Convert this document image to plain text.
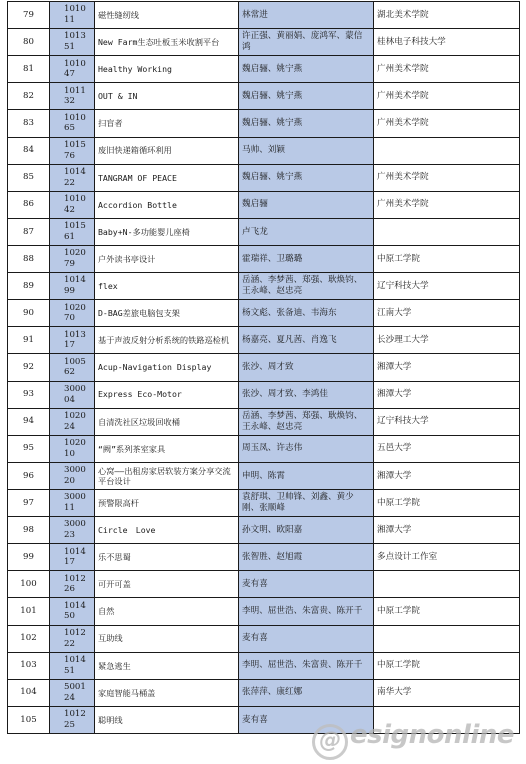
79	101011	磁性缝纫线	林常进	湖北美术学院
80	101351	New Farm生态吐板玉米收割平台	许正强、黄丽娟、庞鸿军、蒙信鸿	桂林电子科技大学
81	101047	Healthy Working	魏启骊、姚宁燕	广州美术学院
82	101132	OUT & IN	魏启骊、姚宁燕	广州美术学院
83	101065	扫盲者	魏启骊、姚宁燕	广州美术学院
84	101576	废旧快递箱循环利用	马帅、刘颖	
85	101422	TANGRAM OF PEACE	魏启骊、姚宁燕	广州美术学院
86	101042	Accordion Bottle	魏启骊	广州美术学院
87	101561	Baby+N-多功能婴儿座椅	卢飞龙	
88	102079	户外读书亭设计	霍瑞祥、卫璐璐	中原工学院
89	101499	flex	岳涵、李梦茜、郑强、耿焕钧、王永峰、赵忠亮	辽宁科技大学
90	102070	D-BAG差旅电脑包支架	杨文彪、张备迪、韦海东	江南大学
91	101317	基于声波反射分析系统的铁路巡检机	杨嘉亮、夏凡茜、肖逸飞	长沙理工大学
92	100562	Acup-Navigation Display	张沙、周才致	湘潭大学
93	300004	Express Eco-Motor	张沙、周才致、李鸿佳	湘潭大学
94	102024	自清洗社区垃圾回收桶	岳涵、李梦茜、郑强、耿焕钧、王永峰、赵忠亮	辽宁科技大学
95	102010	“阙”系列茶室家具	周玉凤、许志伟	五邑大学
96	300020	心窝——出租房家居软装方案分享交流平台设计	申明、陈霄	湘潭大学
97	300011	预警限高杆	袁舒琪、卫帅锋、刘鑫、黄少刚、张顺峰	中原工学院
98	300023	Circle　Love	孙文明、欧阳嘉	湘潭大学
99	101417	乐不思蜀	张智胜、赵旭霞	多点设计工作室
100	101226	可开可盖	麦有喜	
101	101450	自然	李明、屈世浩、朱富贵、陈开千	中原工学院
102	101222	互助线	麦有喜	
103	101451	紧急逃生	李明、屈世浩、朱富贵、陈开千	中原工学院
104	500124	家庭智能马桶盖	张萍萍、康红娜	南华大学
105	101225	聪明线	麦有喜	
@ esignonline
